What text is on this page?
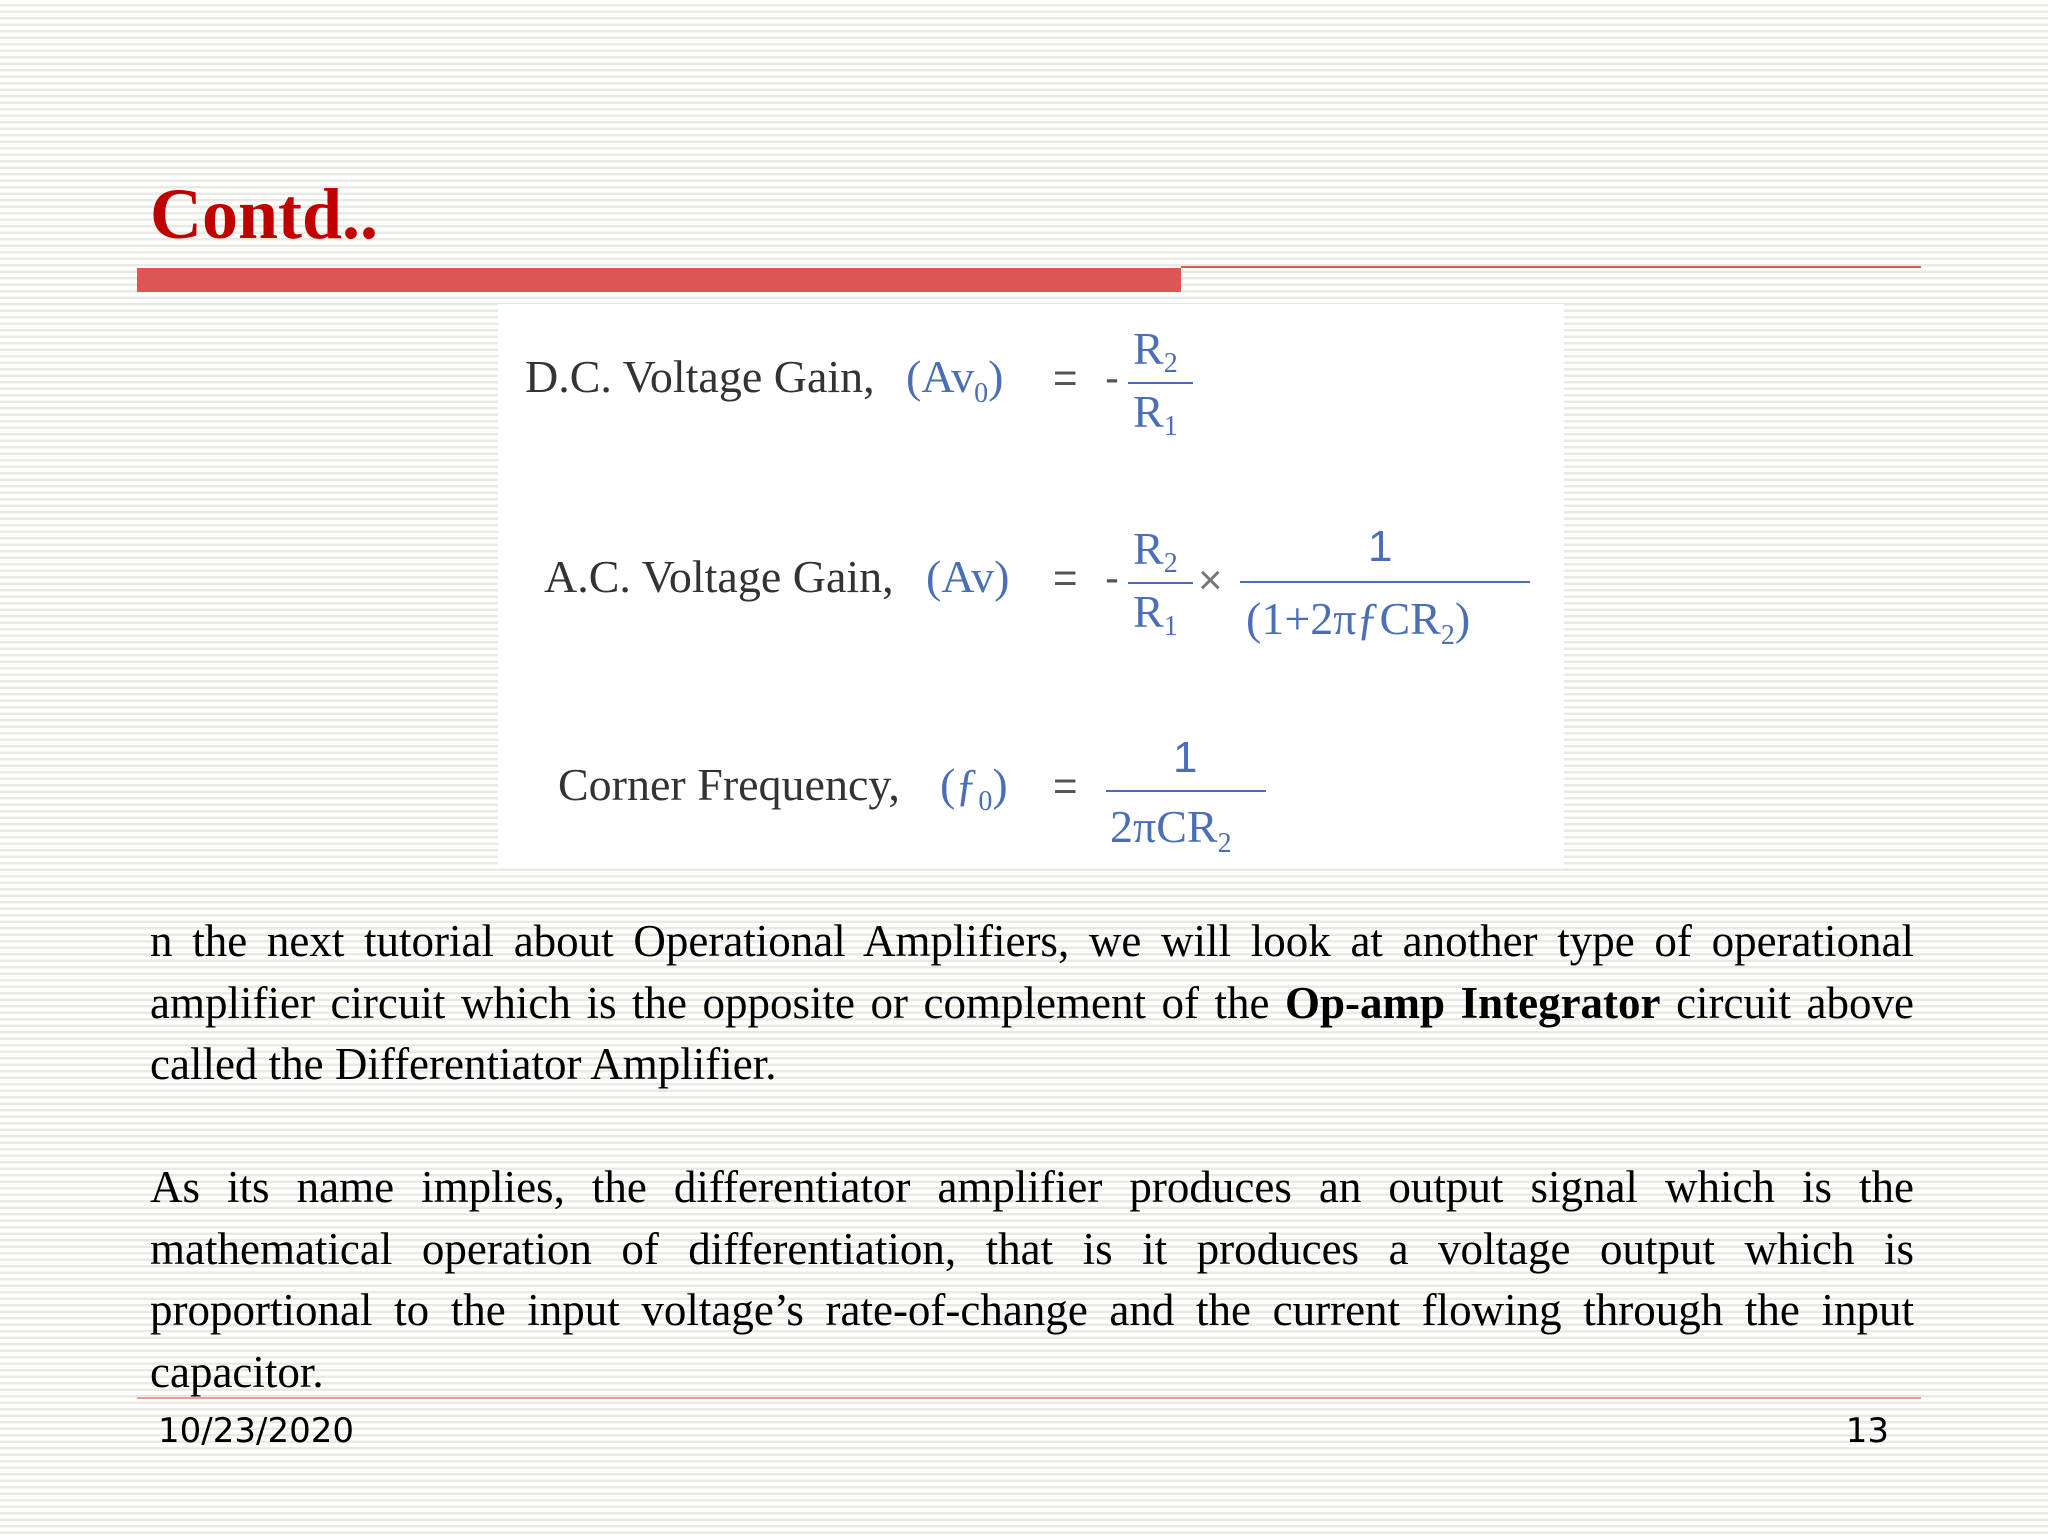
Contd..
D.C. Voltage Gain, $(Av_0)$ = -
R2
R1
A.C. Voltage Gain, (Av) = -
R2
R1
×
1
(1+2πƒCR$_2$)
Corner Frequency, $(ƒ_0)$ =
1
2πCR$_2$

n the next tutorial about Operational Amplifiers, we will look at another type of operational amplifier circuit which is the opposite or complement of the Op-amp Integrator circuit above called the Differentiator Amplifier.

As its name implies, the differentiator amplifier produces an output signal which is the mathematical operation of differentiation, that is it produces a voltage output which is proportional to the input voltage’s rate-of-change and the current flowing through the input capacitor.

10/23/2020	13
